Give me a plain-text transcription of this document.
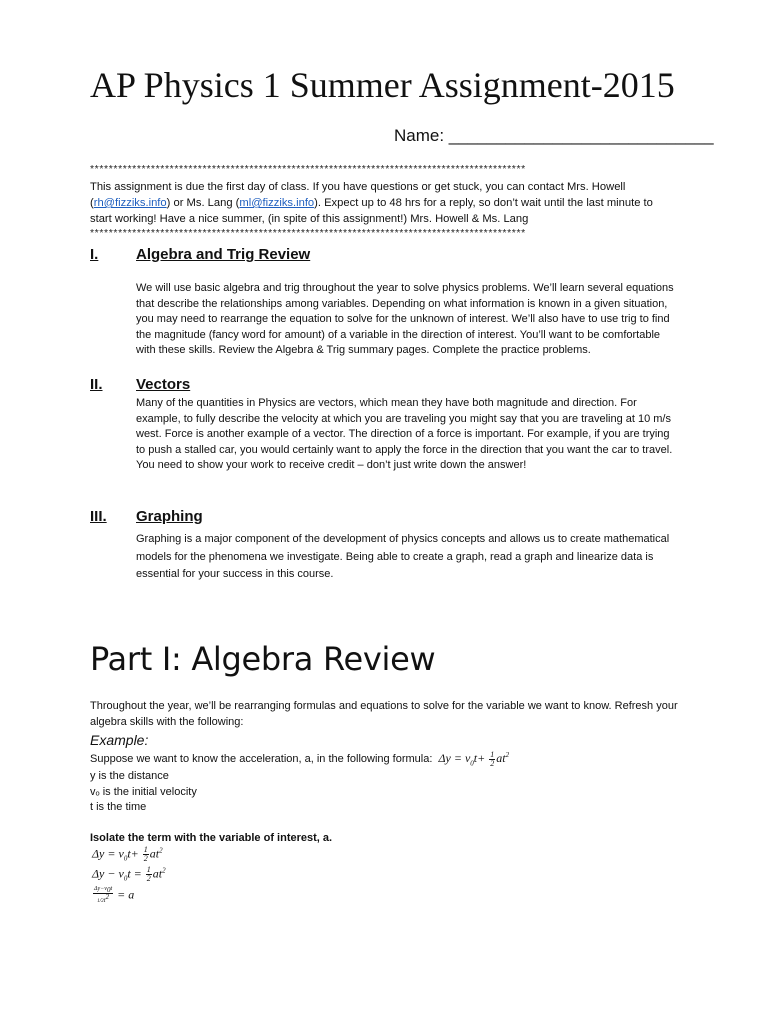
AP Physics 1 Summer Assignment-2015
Name: ____________________________
*********************************************************************************************
This assignment is due the first day of class. If you have questions or get stuck, you can contact Mrs. Howell
(rh@fizziks.info) or Ms. Lang (ml@fizziks.info). Expect up to 48 hrs for a reply, so don’t wait until the last minute to
start working! Have a nice summer, (in spite of this assignment!) Mrs. Howell & Ms. Lang
*********************************************************************************************
I.	Algebra and Trig Review
We will use basic algebra and trig throughout the year to solve physics problems. We’ll learn several equations that describe the relationships among variables. Depending on what information is known in a given situation, you may need to rearrange the equation to solve for the unknown of interest. We’ll also have to use trig to find the magnitude (fancy word for amount) of a variable in the direction of interest. You’ll want to be comfortable with these skills. Review the Algebra & Trig summary pages. Complete the practice problems.
II. Vectors
Many of the quantities in Physics are vectors, which mean they have both magnitude and direction. For example, to fully describe the velocity at which you are traveling you might say that you are traveling at 10 m/s west. Force is another example of a vector. The direction of a force is important. For example, if you are trying to push a stalled car, you would certainly want to apply the force in the direction that you want the car to travel.
You need to show your work to receive credit – don’t just write down the answer!
III. Graphing
Graphing is a major component of the development of physics concepts and allows us to create mathematical models for the phenomena we investigate. Being able to create a graph, read a graph and linearize data is essential for your success in this course.
Part I: Algebra Review
Throughout the year, we’ll be rearranging formulas and equations to solve for the variable we want to know. Refresh your algebra skills with the following:
Example:
Suppose we want to know the acceleration, a, in the following formula:  $\Delta y = v_0t+ \frac{1}{2} at^2$
y is the distance
vₒ is the initial velocity
t is the time
Isolate the term with the variable of interest, a.
$\Delta y = v_0t+ \frac{1}{2} at^2$
$\Delta y - v_0t = \frac{1}{2} at^2$
$\frac{\Delta y-v_0t}{1/2t^2} = a$
